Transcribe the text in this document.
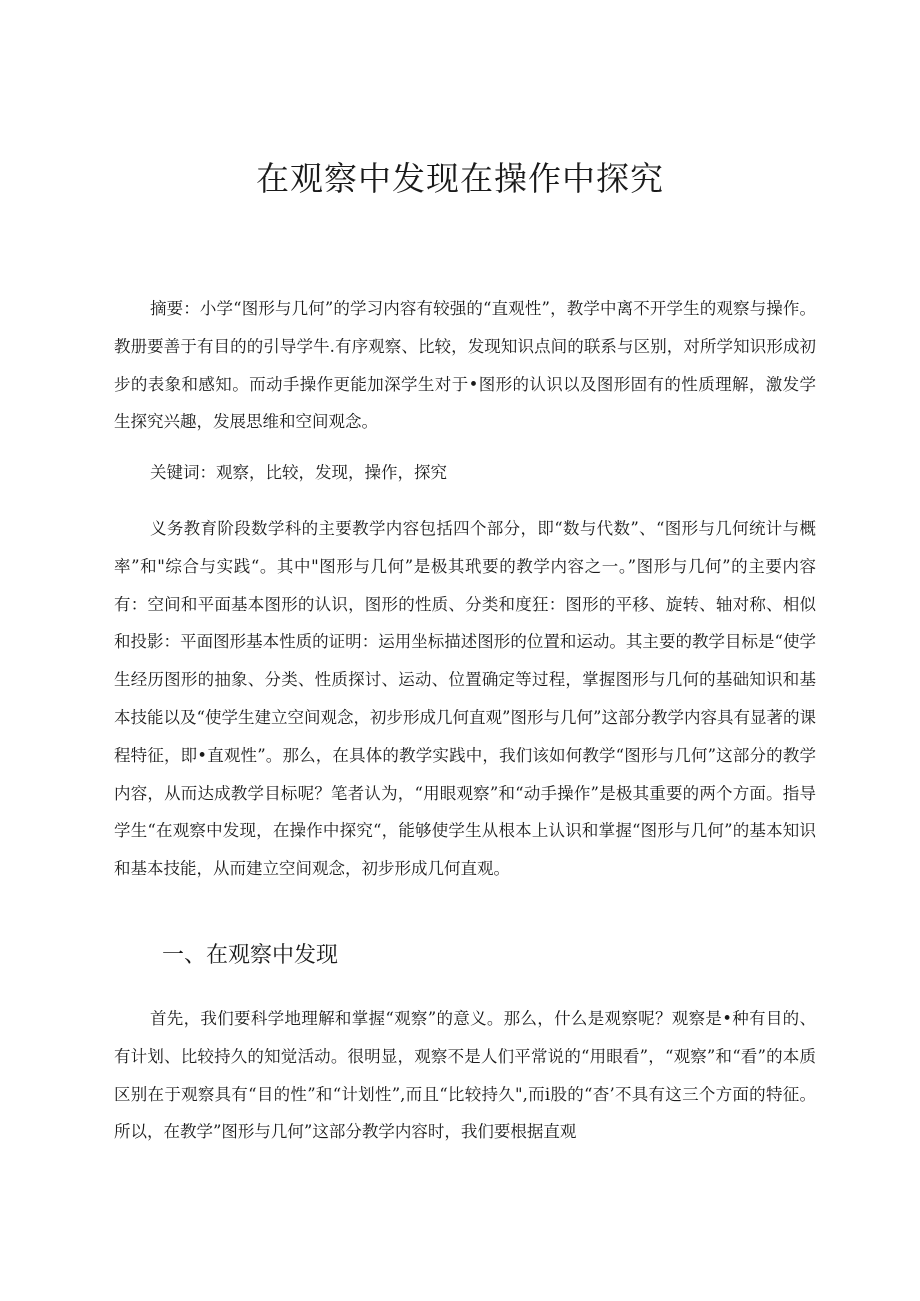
在观察中发现在操作中探究

摘要：小学“图形与几何”的学习内容有较强的“直观性”，教学中离不开学生的观察与操作。教册要善于有目的的引导学牛.有序观察、比较，发现知识点间的联系与区别，对所学知识形成初步的表象和感知。而动手操作更能加深学生对于•图形的认识以及图形固有的性质理解，激发学生探究兴趣，发展思维和空间观念。

关键词：观察，比较，发现，操作，探究

义务教育阶段数学科的主要教学内容包括四个部分，即“数与代数”、“图形与几何统计与概率”和"综合与实践“。其中"图形与几何”是极其玳要的教学内容之一。”图形与几何”的主要内容有：空间和平面基本图形的认识，图形的性质、分类和度狂：图形的平移、旋转、轴对称、相似和投影：平面图形基本性质的证明：运用坐标描述图形的位置和运动。其主要的教学目标是“使学生经历图形的抽象、分类、性质探讨、运动、位置确定等过程，掌握图形与几何的基础知识和基本技能以及“使学生建立空间观念，初步形成几何直观”图形与几何”这部分教学内容具有显著的课程特征，即•直观性”。那么，在具体的教学实践中，我们该如何教学“图形与几何”这部分的教学内容，从而达成教学目标呢？笔者认为，“用眼观察”和“动手操作”是极其重要的两个方面。指导学生“在观察中发现，在操作中探究“，能够使学生从根本上认识和掌握“图形与几何”的基本知识和基本技能，从而建立空间观念，初步形成几何直观。

一、在观察中发现

首先，我们要科学地理解和掌握“观察”的意义。那么，什么是观察呢？观察是•种有目的、有计划、比较持久的知觉活动。很明显，观察不是人们平常说的“用眼看”，“观察”和“看”的本质区别在于观察具有“目的性”和“计划性”,而且“比较持久",而i股的“杳’不具有这三个方面的特征。所以，在教学”图形与几何”这部分教学内容时，我们要根据直观
